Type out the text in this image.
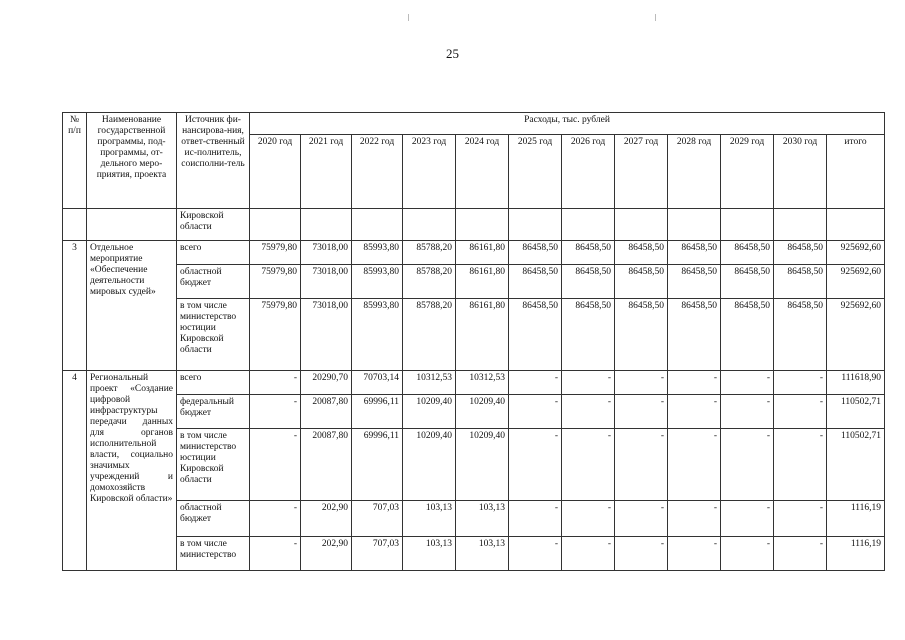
25
№ п/п	Наименование государственной программы, под-программы, от-дельного меро-приятия, проекта	Источник фи-нансирова-ния, ответ-ственный ис-полнитель, соисполни-тель	Расходы, тыс. рублей											
			2020 год	2021 год	2022 год	2023 год	2024 год	2025 год	2026 год	2027 год	2028 год	2029 год	2030 год	итого
		Кировской области												
3	Отдельное мероприятие «Обеспечение деятельности мировых судей»	всего	75979,80	73018,00	85993,80	85788,20	86161,80	86458,50	86458,50	86458,50	86458,50	86458,50	86458,50	925692,60
		областной бюджет	75979,80	73018,00	85993,80	85788,20	86161,80	86458,50	86458,50	86458,50	86458,50	86458,50	86458,50	925692,60
		в том числе министерство юстиции Кировской области	75979,80	73018,00	85993,80	85788,20	86161,80	86458,50	86458,50	86458,50	86458,50	86458,50	86458,50	925692,60
4	Региональный проект «Создание цифровой инфраструктуры передачи данных для органов исполнительной власти, социально значимых учреждений и домохозяйств Кировской области»	всего	-	20290,70	70703,14	10312,53	10312,53	-	-	-	-	-	-	111618,90
		федеральный бюджет	-	20087,80	69996,11	10209,40	10209,40	-	-	-	-	-	-	110502,71
		в том числе министерство юстиции Кировской области	-	20087,80	69996,11	10209,40	10209,40	-	-	-	-	-	-	110502,71
		областной бюджет	-	202,90	707,03	103,13	103,13	-	-	-	-	-	-	1116,19
		в том числе министерство	-	202,90	707,03	103,13	103,13	-	-	-	-	-	-	1116,19
